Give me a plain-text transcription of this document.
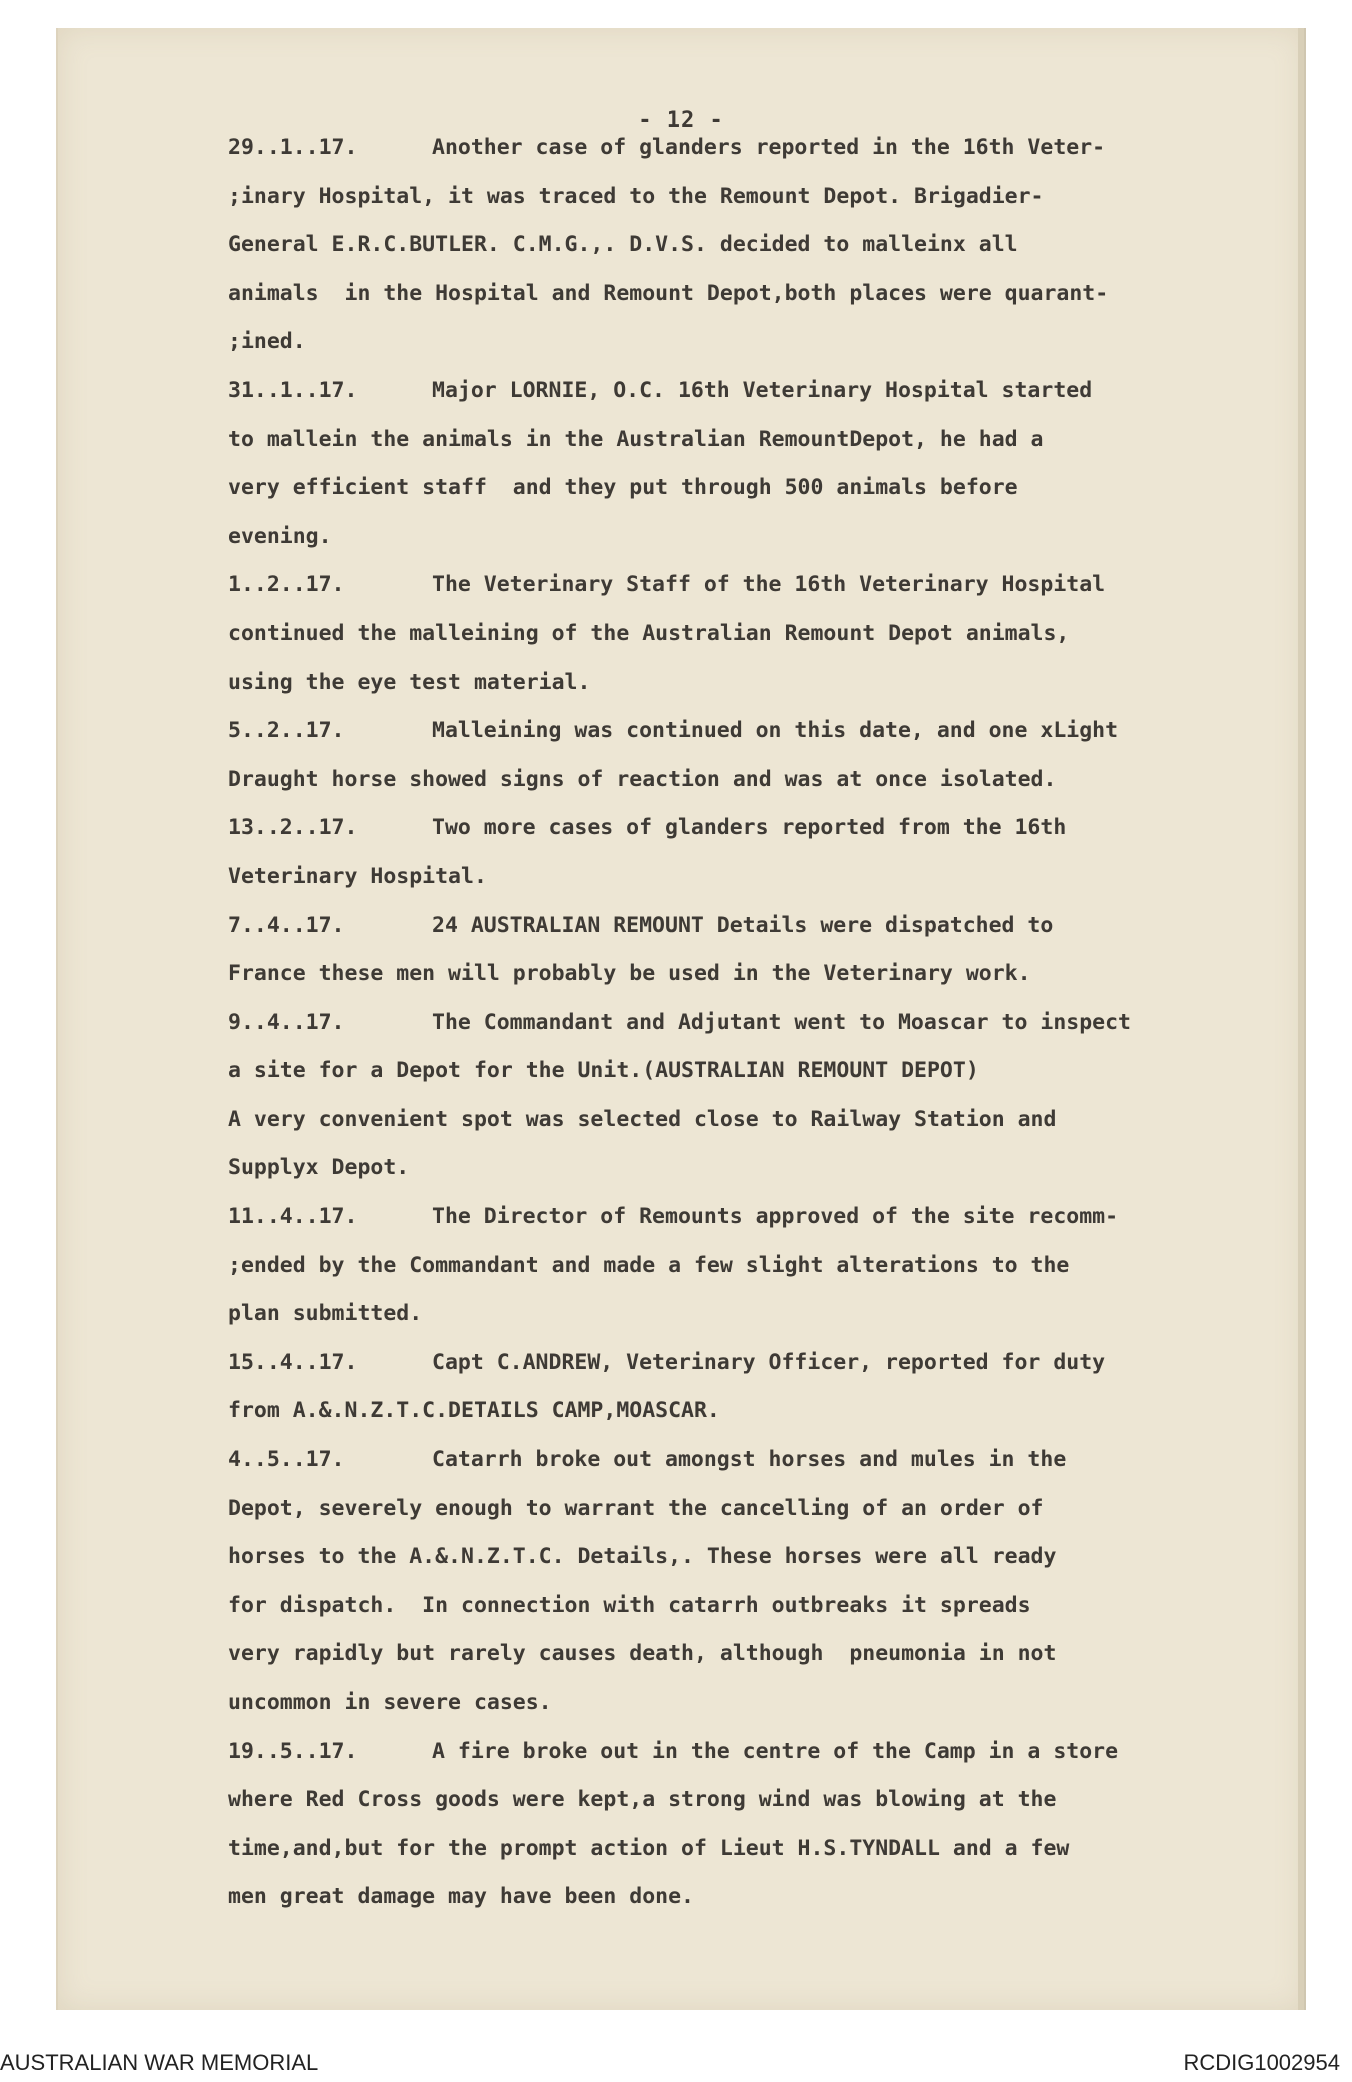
- 12 -
29..1..17.	Another case of glanders reported in the 16th Veter-
;inary Hospital, it was traced to the Remount Depot. Brigadier-
General E.R.C.BUTLER. C.M.G.,. D.V.S. decided to malleinx all
animals  in the Hospital and Remount Depot,both places were quarant-
;ined.
31..1..17.	Major LORNIE, O.C. 16th Veterinary Hospital started
to mallein the animals in the Australian RemountDepot, he had a
very efficient staff  and they put through 500 animals before
evening.
1..2..17.	The Veterinary Staff of the 16th Veterinary Hospital
continued the malleining of the Australian Remount Depot animals,
using the eye test material.
5..2..17.	Malleining was continued on this date, and one xLight
Draught horse showed signs of reaction and was at once isolated.
13..2..17.	Two more cases of glanders reported from the 16th
Veterinary Hospital.
7..4..17.	24 AUSTRALIAN REMOUNT Details were dispatched to
France these men will probably be used in the Veterinary work.
9..4..17.	The Commandant and Adjutant went to Moascar to inspect
a site for a Depot for the Unit.(AUSTRALIAN REMOUNT DEPOT)
A very convenient spot was selected close to Railway Station and
Supplyx Depot.
11..4..17.	The Director of Remounts approved of the site recomm-
;ended by the Commandant and made a few slight alterations to the
plan submitted.
15..4..17.	Capt C.ANDREW, Veterinary Officer, reported for duty
from A.&.N.Z.T.C.DETAILS CAMP,MOASCAR.
4..5..17.	Catarrh broke out amongst horses and mules in the
Depot, severely enough to warrant the cancelling of an order of
horses to the A.&.N.Z.T.C. Details,. These horses were all ready
for dispatch.  In connection with catarrh outbreaks it spreads
very rapidly but rarely causes death, although  pneumonia in not
uncommon in severe cases.
19..5..17.	A fire broke out in the centre of the Camp in a store
where Red Cross goods were kept,a strong wind was blowing at the
time,and,but for the prompt action of Lieut H.S.TYNDALL and a few
men great damage may have been done.
AUSTRALIAN WAR MEMORIAL	RCDIG1002954
